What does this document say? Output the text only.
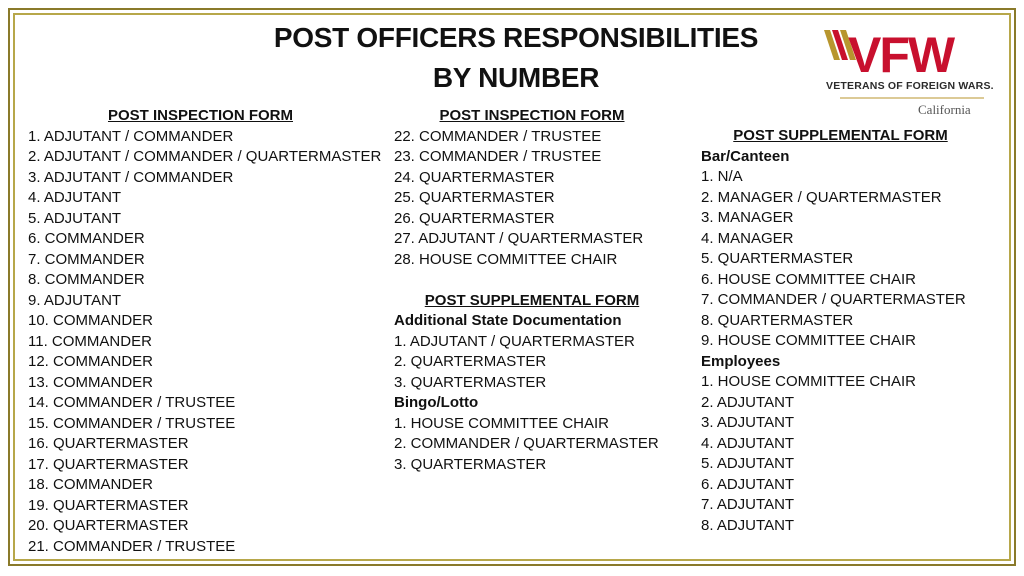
POST OFFICERS RESPONSIBILITIES
BY NUMBER	VFW
VETERANS OF FOREIGN WARS.
California
POST INSPECTION FORM
1. ADJUTANT / COMMANDER
2. ADJUTANT / COMMANDER / QUARTERMASTER
3. ADJUTANT / COMMANDER
4. ADJUTANT
5. ADJUTANT
6. COMMANDER
7. COMMANDER
8. COMMANDER
9. ADJUTANT
10. COMMANDER
11. COMMANDER
12. COMMANDER
13. COMMANDER
14. COMMANDER / TRUSTEE
15. COMMANDER / TRUSTEE
16. QUARTERMASTER
17. QUARTERMASTER
18. COMMANDER
19. QUARTERMASTER
20. QUARTERMASTER
21. COMMANDER / TRUSTEE
POST INSPECTION FORM
22. COMMANDER / TRUSTEE
23. COMMANDER / TRUSTEE
24. QUARTERMASTER
25. QUARTERMASTER
26. QUARTERMASTER
27. ADJUTANT / QUARTERMASTER
28. HOUSE COMMITTEE CHAIR
POST SUPPLEMENTAL FORM
Additional State Documentation
1. ADJUTANT / QUARTERMASTER
2. QUARTERMASTER
3. QUARTERMASTER
Bingo/Lotto
1. HOUSE COMMITTEE CHAIR
2. COMMANDER / QUARTERMASTER
3. QUARTERMASTER
POST SUPPLEMENTAL FORM
Bar/Canteen
1. N/A
2. MANAGER / QUARTERMASTER
3. MANAGER
4. MANAGER
5. QUARTERMASTER
6. HOUSE COMMITTEE CHAIR
7. COMMANDER / QUARTERMASTER
8. QUARTERMASTER
9. HOUSE COMMITTEE CHAIR
Employees
1. HOUSE COMMITTEE CHAIR
2. ADJUTANT
3. ADJUTANT
4. ADJUTANT
5. ADJUTANT
6. ADJUTANT
7. ADJUTANT
8. ADJUTANT
